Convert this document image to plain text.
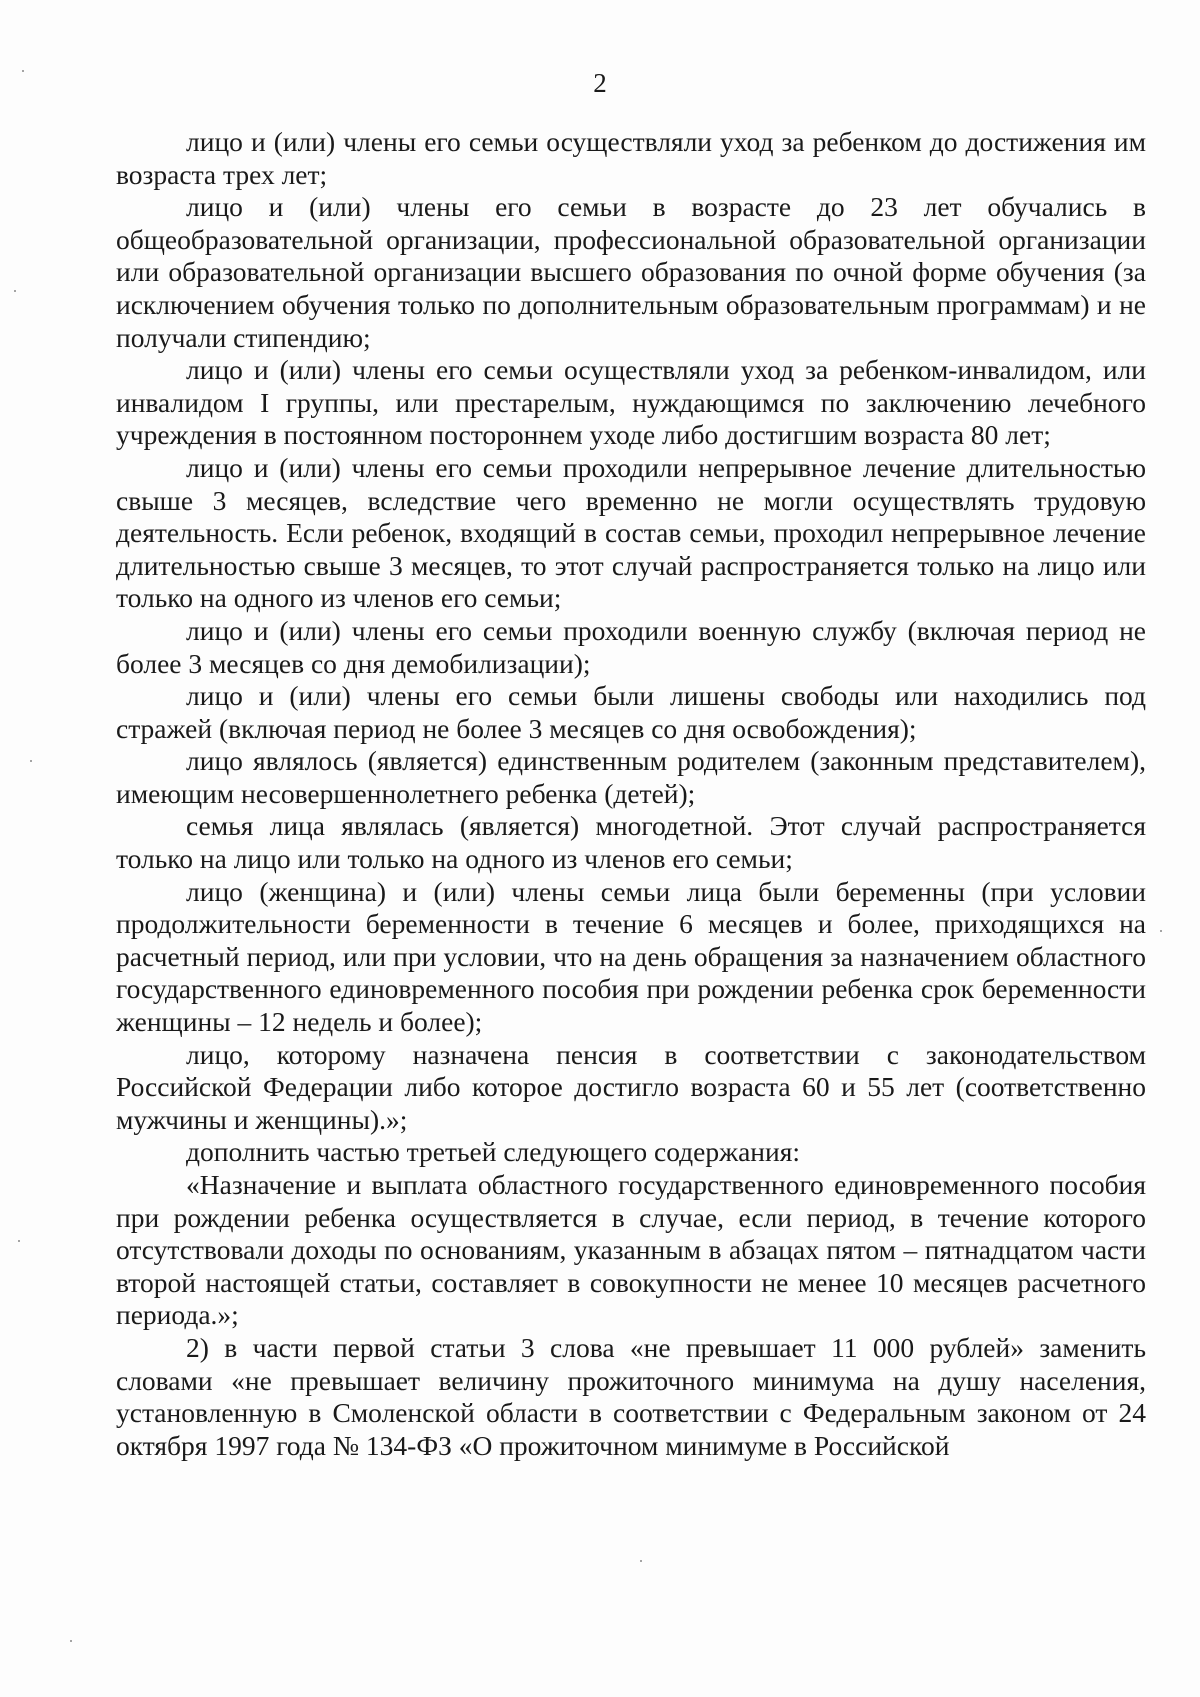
2

лицо и (или) члены его семьи осуществляли уход за ребенком до достижения им возраста трех лет;

лицо и (или) члены его семьи в возрасте до 23 лет обучались в общеобразовательной организации, профессиональной образовательной организации или образовательной организации высшего образования по очной форме обучения (за исключением обучения только по дополнительным образовательным программам) и не получали стипендию;

лицо и (или) члены его семьи осуществляли уход за ребенком-инвалидом, или инвалидом I группы, или престарелым, нуждающимся по заключению лечебного учреждения в постоянном постороннем уходе либо достигшим возраста 80 лет;

лицо и (или) члены его семьи проходили непрерывное лечение длительностью свыше 3 месяцев, вследствие чего временно не могли осуществлять трудовую деятельность. Если ребенок, входящий в состав семьи, проходил непрерывное лечение длительностью свыше 3 месяцев, то этот случай распространяется только на лицо или только на одного из членов его семьи;

лицо и (или) члены его семьи проходили военную службу (включая период не более 3 месяцев со дня демобилизации);

лицо и (или) члены его семьи были лишены свободы или находились под стражей (включая период не более 3 месяцев со дня освобождения);

лицо являлось (является) единственным родителем (законным представителем), имеющим несовершеннолетнего ребенка (детей);

семья лица являлась (является) многодетной. Этот случай распространяется только на лицо или только на одного из членов его семьи;

лицо (женщина) и (или) члены семьи лица были беременны (при условии продолжительности беременности в течение 6 месяцев и более, приходящихся на расчетный период, или при условии, что на день обращения за назначением областного государственного единовременного пособия при рождении ребенка срок беременности женщины – 12 недель и более);

лицо, которому назначена пенсия в соответствии с законодательством Российской Федерации либо которое достигло возраста 60 и 55 лет (соответственно мужчины и женщины).»;

дополнить частью третьей следующего содержания:

«Назначение и выплата областного государственного единовременного пособия при рождении ребенка осуществляется в случае, если период, в течение которого отсутствовали доходы по основаниям, указанным в абзацах пятом – пятнадцатом части второй настоящей статьи, составляет в совокупности не менее 10 месяцев расчетного периода.»;

2) в части первой статьи 3 слова «не превышает 11 000 рублей» заменить словами «не превышает величину прожиточного минимума на душу населения, установленную в Смоленской области в соответствии с Федеральным законом от 24 октября 1997 года № 134-ФЗ «О прожиточном минимуме в Российской
